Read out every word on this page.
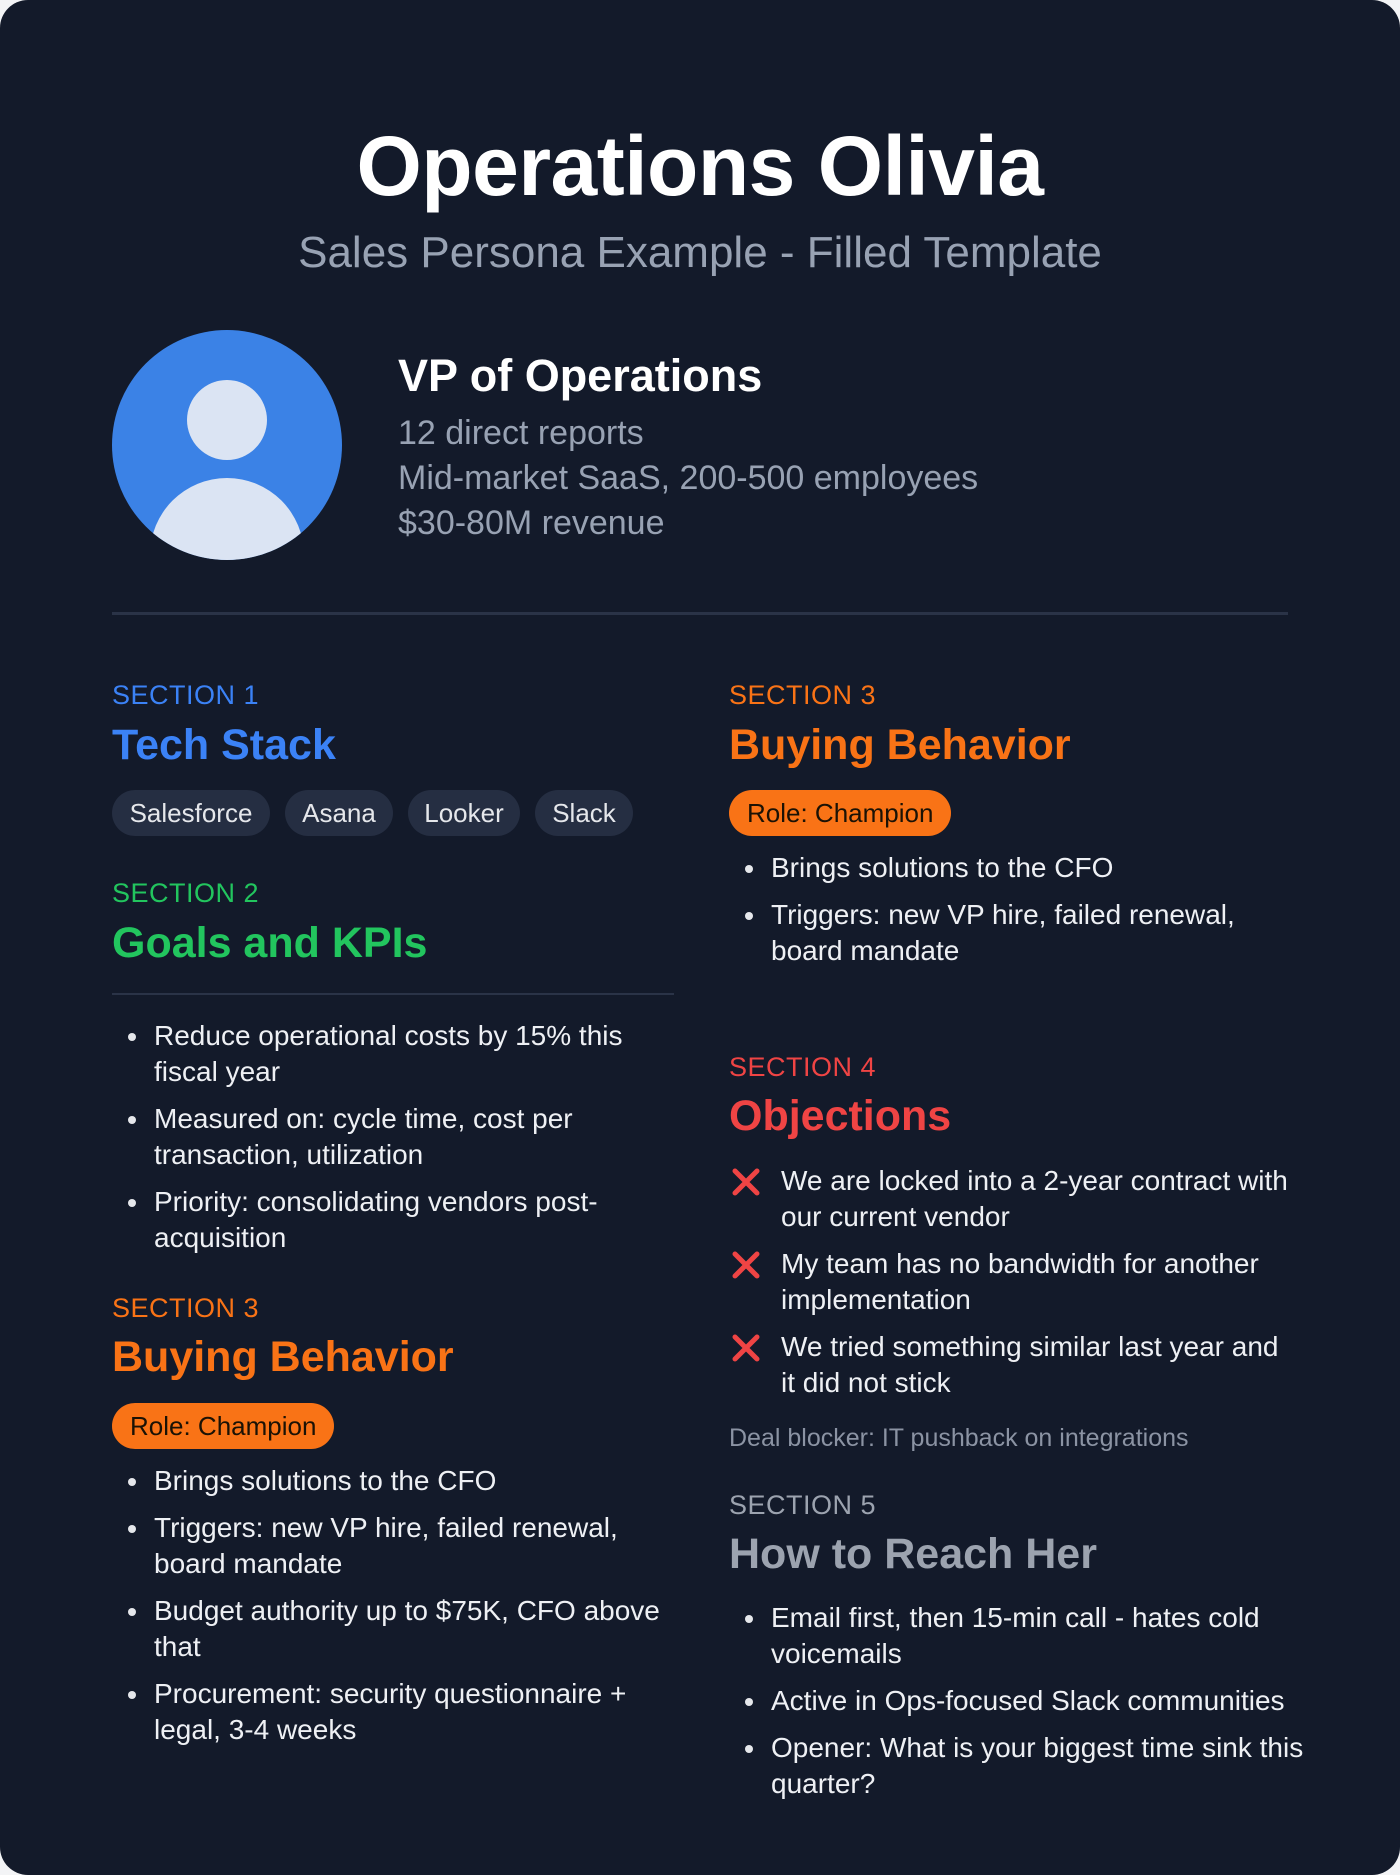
Operations Olivia
Sales Persona Example - Filled Template
VP of Operations
12 direct reports
Mid-market SaaS, 200-500 employees
$30-80M revenue
SECTION 1
Tech Stack
Salesforce	Asana	Looker	Slack
SECTION 2
Goals and KPIs
Reduce operational costs by 15% this fiscal year
Measured on: cycle time, cost per transaction, utilization
Priority: consolidating vendors post-acquisition
SECTION 3
Buying Behavior
Role: Champion
Brings solutions to the CFO
Triggers: new VP hire, failed renewal, board mandate
Budget authority up to $75K, CFO above that
Procurement: security questionnaire + legal, 3-4 weeks
SECTION 3
Buying Behavior
Role: Champion
Brings solutions to the CFO
Triggers: new VP hire, failed renewal, board mandate
SECTION 4
Objections
We are locked into a 2-year contract with our current vendor
My team has no bandwidth for another implementation
We tried something similar last year and it did not stick
Deal blocker: IT pushback on integrations
SECTION 5
How to Reach Her
Email first, then 15-min call - hates cold voicemails
Active in Ops-focused Slack communities
Opener: What is your biggest time sink this quarter?
